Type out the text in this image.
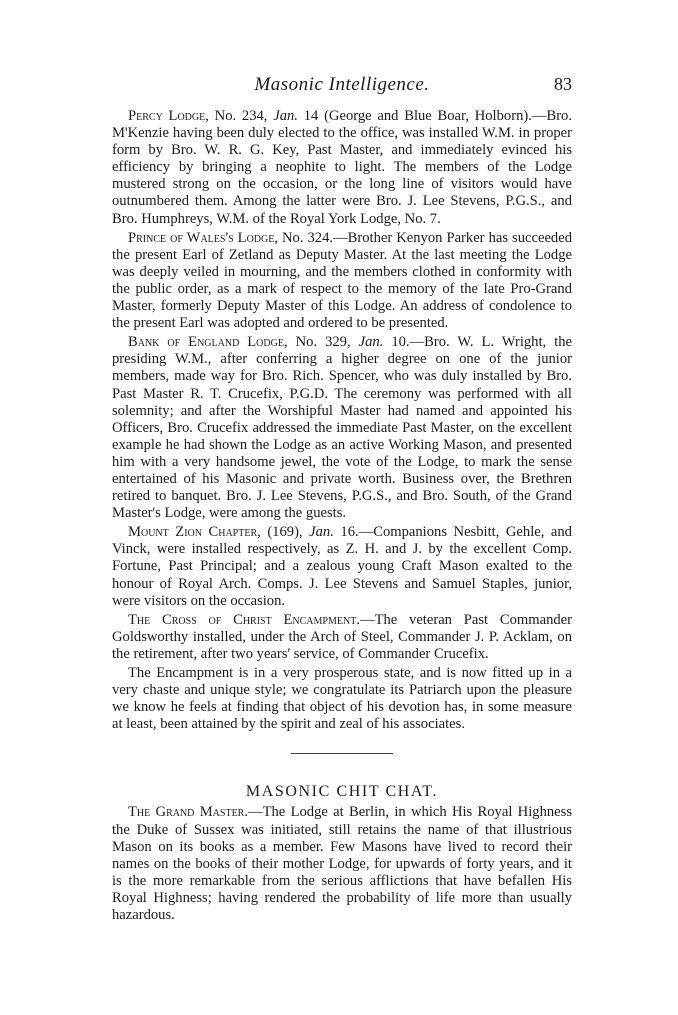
Masonic Intelligence.	83

Percy Lodge, No. 234, Jan. 14 (George and Blue Boar, Holborn).—Bro. M'Kenzie having been duly elected to the office, was installed W.M. in proper form by Bro. W. R. G. Key, Past Master, and immediately evinced his efficiency by bringing a neophite to light. The members of the Lodge mustered strong on the occasion, or the long line of visitors would have outnumbered them. Among the latter were Bro. J. Lee Stevens, P.G.S., and Bro. Humphreys, W.M. of the Royal York Lodge, No. 7.

Prince of Wales's Lodge, No. 324.—Brother Kenyon Parker has succeeded the present Earl of Zetland as Deputy Master. At the last meeting the Lodge was deeply veiled in mourning, and the members clothed in conformity with the public order, as a mark of respect to the memory of the late Pro-Grand Master, formerly Deputy Master of this Lodge. An address of condolence to the present Earl was adopted and ordered to be presented.

Bank of England Lodge, No. 329, Jan. 10.—Bro. W. L. Wright, the presiding W.M., after conferring a higher degree on one of the junior members, made way for Bro. Rich. Spencer, who was duly installed by Bro. Past Master R. T. Crucefix, P.G.D. The ceremony was performed with all solemnity; and after the Worshipful Master had named and appointed his Officers, Bro. Crucefix addressed the immediate Past Master, on the excellent example he had shown the Lodge as an active Working Mason, and presented him with a very handsome jewel, the vote of the Lodge, to mark the sense entertained of his Masonic and private worth. Business over, the Brethren retired to banquet. Bro. J. Lee Stevens, P.G.S., and Bro. South, of the Grand Master's Lodge, were among the guests.

Mount Zion Chapter, (169), Jan. 16.—Companions Nesbitt, Gehle, and Vinck, were installed respectively, as Z. H. and J. by the excellent Comp. Fortune, Past Principal; and a zealous young Craft Mason exalted to the honour of Royal Arch. Comps. J. Lee Stevens and Samuel Staples, junior, were visitors on the occasion.

The Cross of Christ Encampment.—The veteran Past Commander Goldsworthy installed, under the Arch of Steel, Commander J. P. Acklam, on the retirement, after two years' service, of Commander Crucefix.

The Encampment is in a very prosperous state, and is now fitted up in a very chaste and unique style; we congratulate its Patriarch upon the pleasure we know he feels at finding that object of his devotion has, in some measure at least, been attained by the spirit and zeal of his associates.

MASONIC CHIT CHAT.

The Grand Master.—The Lodge at Berlin, in which His Royal Highness the Duke of Sussex was initiated, still retains the name of that illustrious Mason on its books as a member. Few Masons have lived to record their names on the books of their mother Lodge, for upwards of forty years, and it is the more remarkable from the serious afflictions that have befallen His Royal Highness; having rendered the probability of life more than usually hazardous.
